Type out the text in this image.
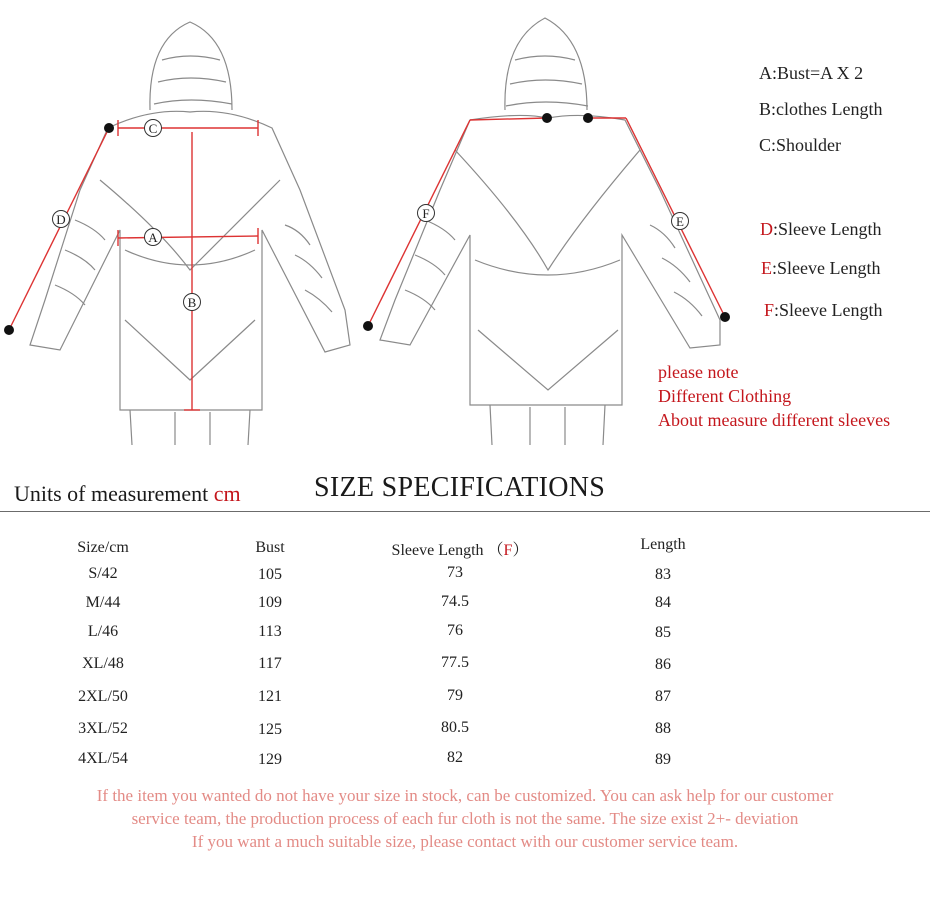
C
A
B
D	F
E
A:Bust=A X 2
B:clothes Length
C:Shoulder
D:Sleeve Length
E:Sleeve Length
F:Sleeve Length
please note
Different Clothing
About measure different sleeves
Units of measurement cm	SIZE SPECIFICATIONS
Size/cm	Bust	Sleeve Length （F）	Length
S/42	105	73	83
M/44	109	74.5	84
L/46	113	76	85
XL/48	117	77.5	86
2XL/50	121	79	87
3XL/52	125	80.5	88
4XL/54	129	82	89
If the item you wanted do not have your size in stock, can be customized. You can ask help for our customer
service team, the production process of each fur cloth is not the same. The size exist 2+- deviation
If you want a much suitable size, please contact with our customer service team.
